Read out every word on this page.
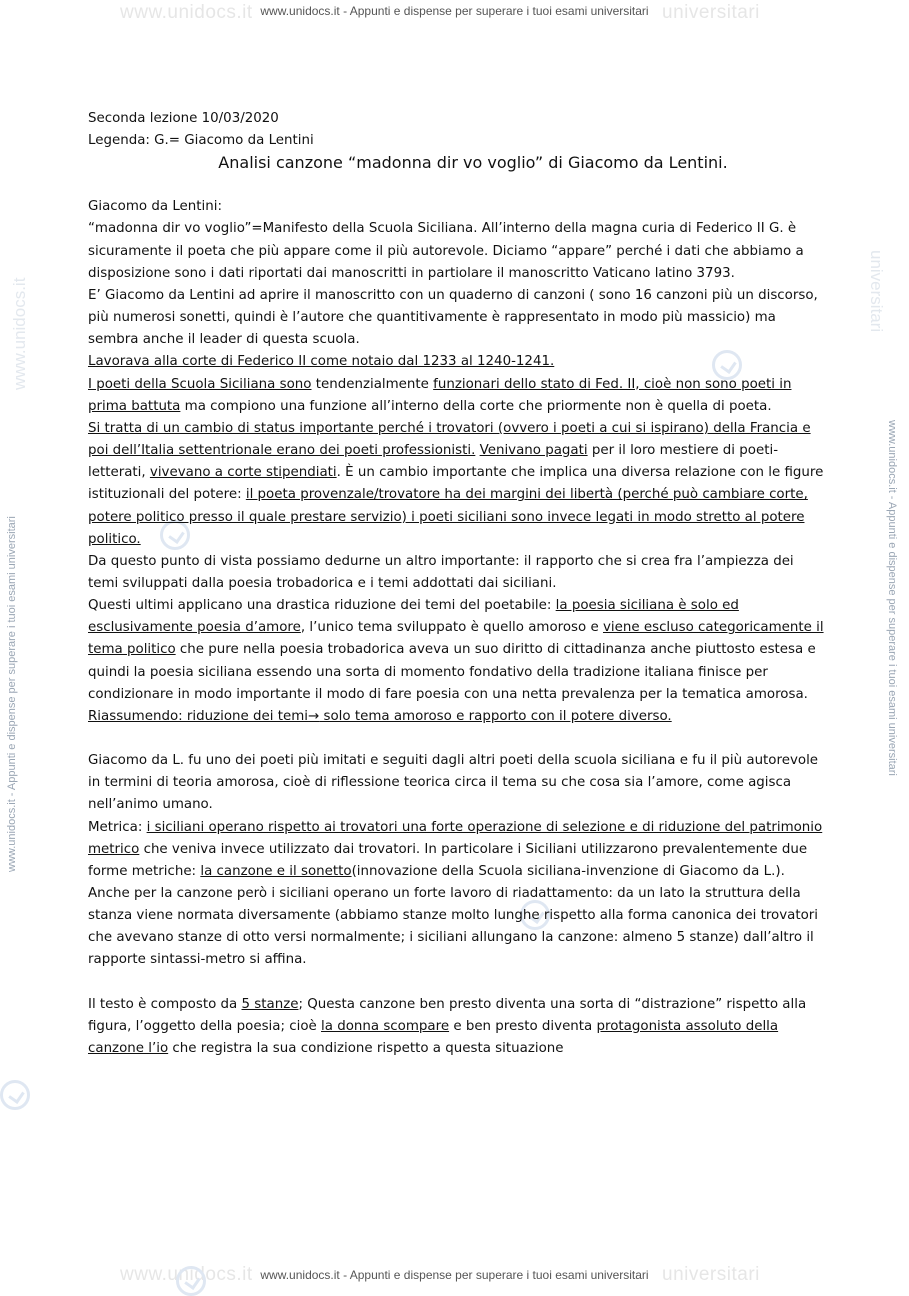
www.unidocs.it	universitari
www.unidocs.it	universitari
www.unidocs.it - Appunti e dispense per superare i tuoi esami universitari	www.unidocs.it - Appunti e dispense per superare i tuoi esami universitari
www.unidocs.it	universitari
www.unidocs.it - Appunti e dispense per superare i tuoi esami universitari
www.unidocs.it - Appunti e dispense per superare i tuoi esami universitari

Seconda lezione 10/03/2020

Legenda: G.= Giacomo da Lentini

Analisi canzone “madonna dir vo voglio” di Giacomo da Lentini.

Giacomo da Lentini:

“madonna dir vo voglio”=Manifesto della Scuola Siciliana. All’interno della magna curia di Federico II G. è sicuramente il poeta che più appare come il più autorevole. Diciamo “appare” perché i dati che abbiamo a disposizione sono i dati riportati dai manoscritti in partiolare il manoscritto Vaticano latino 3793.

E’ Giacomo da Lentini ad aprire il manoscritto con un quaderno di canzoni ( sono 16 canzoni più un discorso, più numerosi sonetti, quindi è l’autore che quantitivamente è rappresentato in modo più massicio) ma sembra anche il leader di questa scuola.

Lavorava alla corte di Federico II come notaio dal 1233 al 1240-1241.

I poeti della Scuola Siciliana sono tendenzialmente funzionari dello stato di Fed. II, cioè non sono poeti in prima battuta ma compiono una funzione all’interno della corte che priormente non è quella di poeta.

Si tratta di un cambio di status importante perché i trovatori (ovvero i poeti a cui si ispirano) della Francia e poi dell’Italia settentrionale erano dei poeti professionisti. Venivano pagati per il loro mestiere di poeti-letterati, vivevano a corte stipendiati. È un cambio importante che implica una diversa relazione con le figure istituzionali del potere: il poeta provenzale/trovatore ha dei margini dei libertà (perché può cambiare corte, potere politico presso il quale prestare servizio) i poeti siciliani sono invece legati in modo stretto al potere politico.

Da questo punto di vista possiamo dedurne un altro importante: il rapporto che si crea fra l’ampiezza dei temi sviluppati dalla poesia trobadorica e i temi addottati dai siciliani.

Questi ultimi applicano una drastica riduzione dei temi del poetabile: la poesia siciliana è solo ed esclusivamente poesia d’amore, l’unico tema sviluppato è quello amoroso e viene escluso categoricamente il tema politico che pure nella poesia trobadorica aveva un suo diritto di cittadinanza anche piuttosto estesa e quindi la poesia siciliana essendo una sorta di momento fondativo della tradizione italiana finisce per condizionare in modo importante il modo di fare poesia con una netta prevalenza per la tematica amorosa.

Riassumendo: riduzione dei temi→ solo tema amoroso e rapporto con il potere diverso.

Giacomo da L. fu uno dei poeti più imitati e seguiti dagli altri poeti della scuola siciliana e fu il più autorevole in termini di teoria amorosa, cioè di riflessione teorica circa il tema su che cosa sia l’amore, come agisca nell’animo umano.

Metrica: i siciliani operano rispetto ai trovatori una forte operazione di selezione e di riduzione del patrimonio metrico che veniva invece utilizzato dai trovatori. In particolare i Siciliani utilizzarono prevalentemente due forme metriche: la canzone e il sonetto(innovazione della Scuola siciliana-invenzione di Giacomo da L.).

Anche per la canzone però i siciliani operano un forte lavoro di riadattamento: da un lato la struttura della stanza viene normata diversamente (abbiamo stanze molto lunghe rispetto alla forma canonica dei trovatori che avevano stanze di otto versi normalmente; i siciliani allungano la canzone: almeno 5 stanze) dall’altro il rapporte sintassi-metro si affina.

Il testo è composto da 5 stanze; Questa canzone ben presto diventa una sorta di “distrazione” rispetto alla figura, l’oggetto della poesia; cioè la donna scompare e ben presto diventa protagonista assoluto della canzone l’io che registra la sua condizione rispetto a questa situazione
